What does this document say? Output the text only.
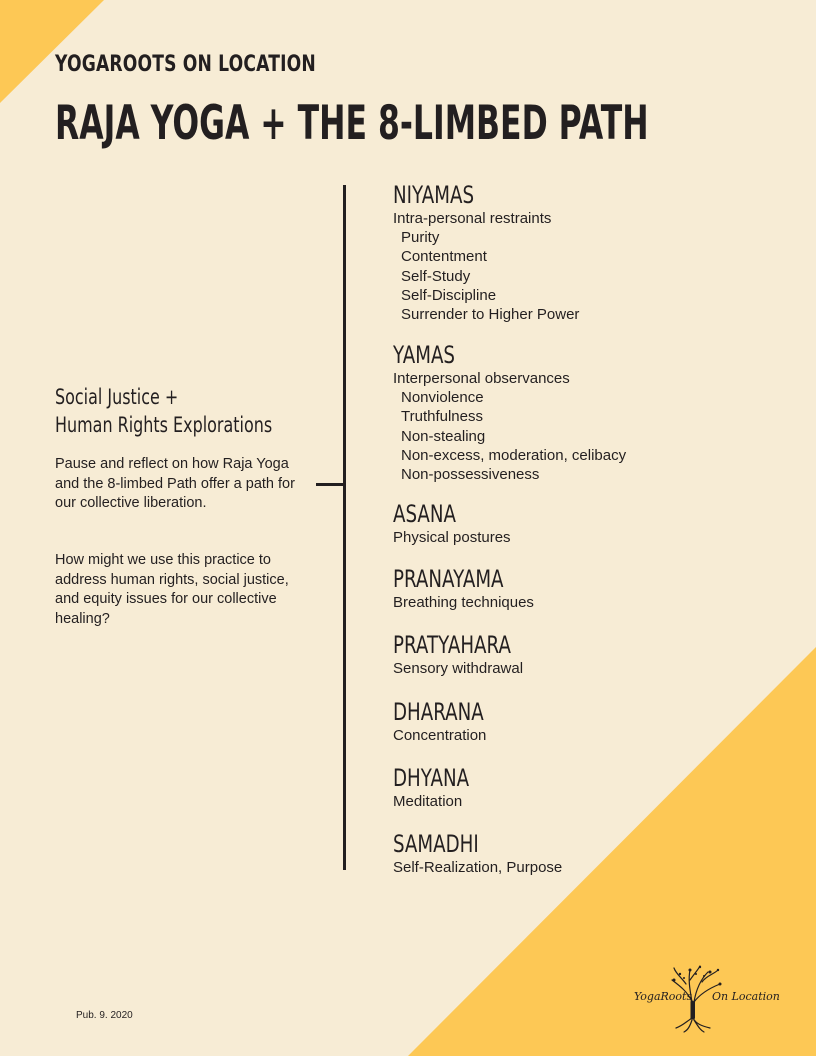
YOGAROOTS ON LOCATION
RAJA YOGA + THE 8-LIMBED PATH
Social Justice +
Human Rights Explorations
Pause and reflect on how Raja Yoga and the 8-limbed Path offer a path for our collective liberation.
How might we use this practice to address human rights, social justice, and equity issues for our collective healing?
NIYAMAS
Intra-personal restraints
Purity
Contentment
Self-Study
Self-Discipline
Surrender to Higher Power
YAMAS
Interpersonal observances
Nonviolence
Truthfulness
Non-stealing
Non-excess, moderation, celibacy
Non-possessiveness
ASANA
Physical postures
PRANAYAMA
Breathing techniques
PRATYAHARA
Sensory withdrawal
DHARANA
Concentration
DHYANA
Meditation
SAMADHI
Self-Realization, Purpose
Pub. 9. 2020
YogaRoots On Location
